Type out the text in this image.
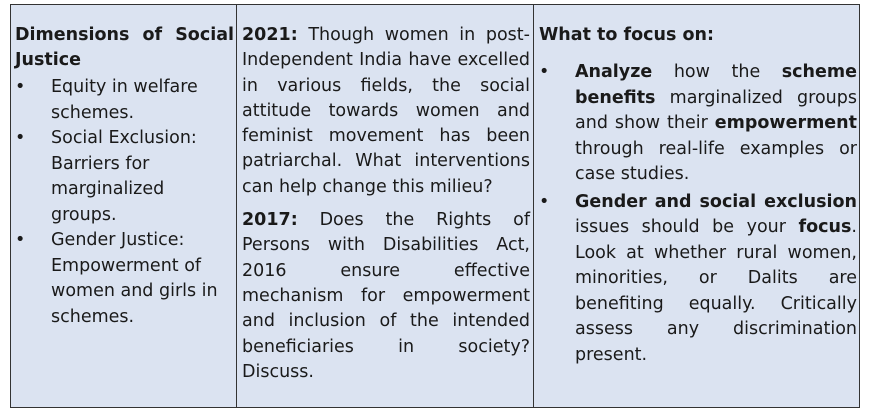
Dimensions of Social Justice
• Equity in welfare schemes.
• Social Exclusion: Barriers for marginalized groups.
• Gender Justice: Empowerment of women and girls in schemes.

2021: Though women in post-Independent India have excelled in various fields, the social attitude towards women and feminist movement has been patriarchal. What interventions can help change this milieu?

2017: Does the Rights of Persons with Disabilities Act, 2016 ensure effective mechanism for empowerment and inclusion of the intended beneficiaries in society? Discuss.

What to focus on:
• Analyze how the scheme benefits marginalized groups and show their empowerment through real-life examples or case studies.
• Gender and social exclusion issues should be your focus. Look at whether rural women, minorities, or Dalits are benefiting equally. Critically assess any discrimination present.
